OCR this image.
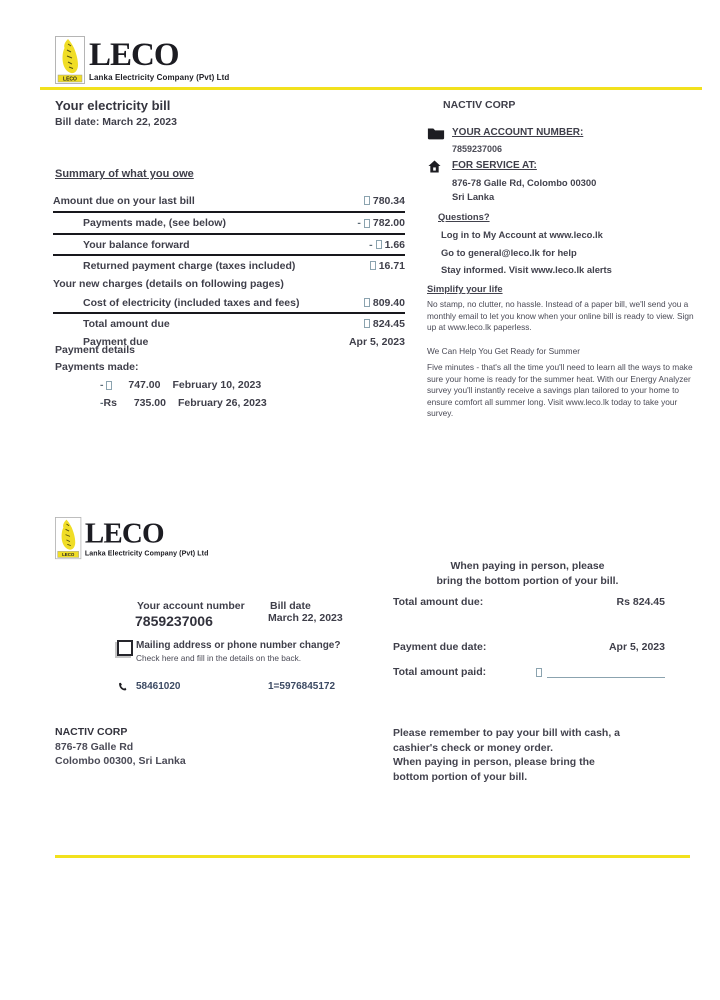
LECO
LECO
Lanka Electricity Company (Pvt) Ltd
Your electricity bill
Bill date: March 22, 2023
NACTIV CORP
YOUR ACCOUNT NUMBER:
7859237006
FOR SERVICE AT:
876-78 Galle Rd, Colombo 00300
Sri Lanka
Questions?
Log in to My Account at www.leco.lk
Go to general@leco.lk for help
Stay informed. Visit www.leco.lk alerts
Simplify your life
No stamp, no clutter, no hassle. Instead of a paper bill, we'll send you a monthly email to let you know when your online bill is ready to view. Sign up at www.leco.lk paperless.
We Can Help You Get Ready for Summer
Five minutes - that's all the time you'll need to learn all the ways to make sure your home is ready for the summer heat. With our Energy Analyzer survey you'll instantly receive a savings plan tailored to your home to ensure comfort all summer long. Visit www.leco.lk today to take your survey.
Summary of what you owe
Amount due on your last bill	780.34
Payments made, (see below)	- 782.00
Your balance forward	- 1.66
Returned payment charge (taxes included)	16.71
Your new charges (details on following pages)
Cost of electricity (included taxes and fees)	809.40
Total amount due	824.45
Payment due	Apr 5, 2023
Payment details
Payments made:
-	747.00 February 10, 2023
- Rs	735.00 February 26, 2023
LECO
LECO
Lanka Electricity Company (Pvt) Ltd
When paying in person, please
bring the bottom portion of your bill.
Your account number Bill date
7859237006	March 22, 2023
Mailing address or phone number change?
Check here and fill in the details on the back.
58461020	1=5976845172
NACTIV CORP
876-78 Galle Rd
Colombo 00300, Sri Lanka
Total amount due:	Rs 824.45
Payment due date:	Apr 5, 2023
Total amount paid:
Please remember to pay your bill with cash, a
cashier's check or money order.
When paying in person, please bring the
bottom portion of your bill.
